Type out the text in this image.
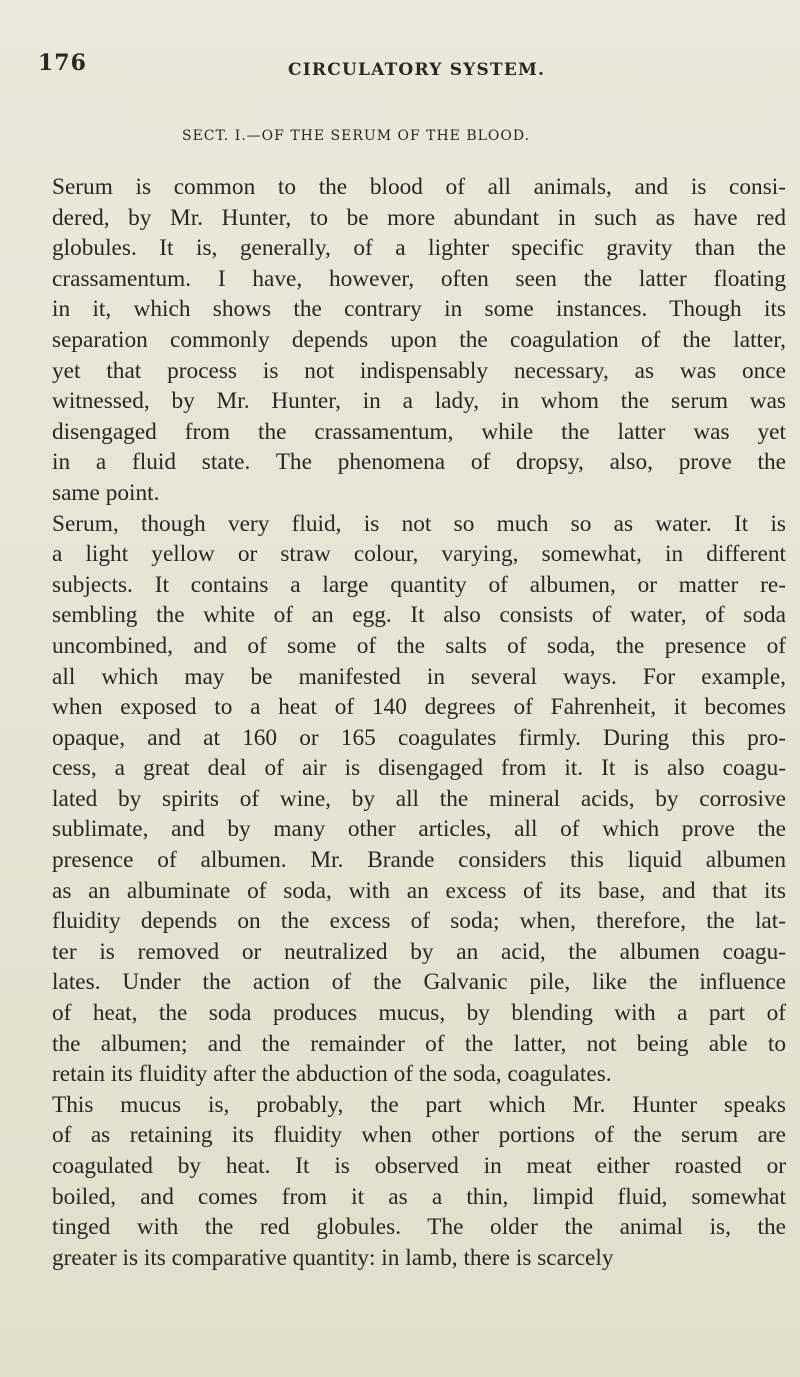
176	CIRCULATORY SYSTEM.
SECT. I.—OF THE SERUM OF THE BLOOD.
Serum is common to the blood of all animals, and is consi-
dered, by Mr. Hunter, to be more abundant in such as have red
globules. It is, generally, of a lighter specific gravity than the
crassamentum. I have, however, often seen the latter floating
in it, which shows the contrary in some instances. Though its
separation commonly depends upon the coagulation of the latter,
yet that process is not indispensably necessary, as was once
witnessed, by Mr. Hunter, in a lady, in whom the serum was
disengaged from the crassamentum, while the latter was yet
in a fluid state. The phenomena of dropsy, also, prove the
same point.
Serum, though very fluid, is not so much so as water. It is
a light yellow or straw colour, varying, somewhat, in different
subjects. It contains a large quantity of albumen, or matter re-
sembling the white of an egg. It also consists of water, of soda
uncombined, and of some of the salts of soda, the presence of
all which may be manifested in several ways. For example,
when exposed to a heat of 140 degrees of Fahrenheit, it becomes
opaque, and at 160 or 165 coagulates firmly. During this pro-
cess, a great deal of air is disengaged from it. It is also coagu-
lated by spirits of wine, by all the mineral acids, by corrosive
sublimate, and by many other articles, all of which prove the
presence of albumen. Mr. Brande considers this liquid albumen
as an albuminate of soda, with an excess of its base, and that its
fluidity depends on the excess of soda; when, therefore, the lat-
ter is removed or neutralized by an acid, the albumen coagu-
lates. Under the action of the Galvanic pile, like the influence
of heat, the soda produces mucus, by blending with a part of
the albumen; and the remainder of the latter, not being able to
retain its fluidity after the abduction of the soda, coagulates.
This mucus is, probably, the part which Mr. Hunter speaks
of as retaining its fluidity when other portions of the serum are
coagulated by heat. It is observed in meat either roasted or
boiled, and comes from it as a thin, limpid fluid, somewhat
tinged with the red globules. The older the animal is, the
greater is its comparative quantity: in lamb, there is scarcely
